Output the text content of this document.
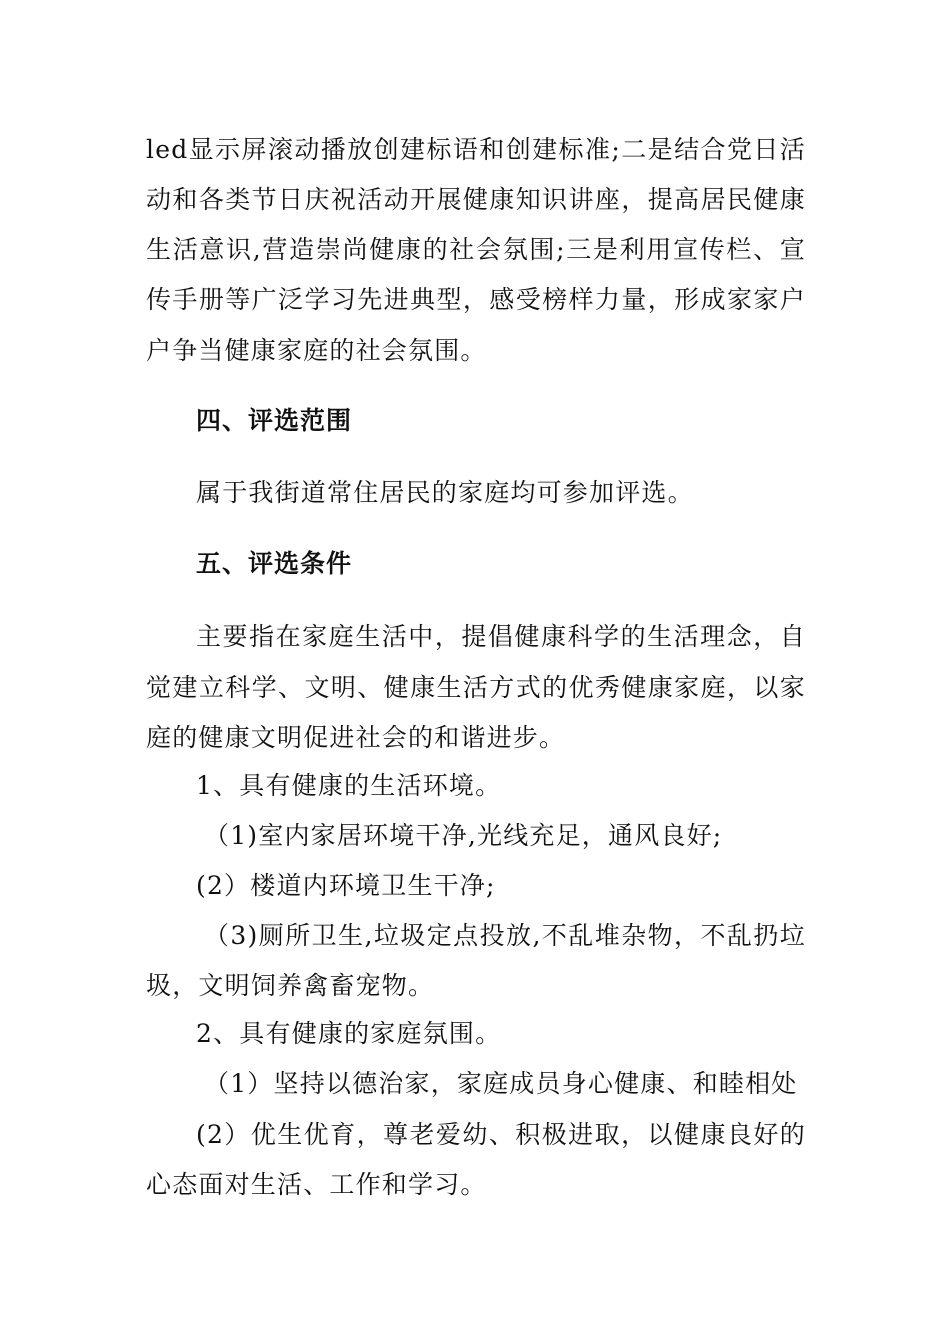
led显示屏滚动播放创建标语和创建标准;二是结合党日活
动和各类节日庆祝活动开展健康知识讲座，提高居民健康
生活意识,营造崇尚健康的社会氛围;三是利用宣传栏、宣
传手册等广泛学习先进典型，感受榜样力量，形成家家户
户争当健康家庭的社会氛围。
四、评选范围
属于我街道常住居民的家庭均可参加评选。
五、评选条件
主要指在家庭生活中，提倡健康科学的生活理念，自
觉建立科学、文明、健康生活方式的优秀健康家庭，以家
庭的健康文明促进社会的和谐进步。
1、具有健康的生活环境。
（1)室内家居环境干净,光线充足，通风良好;
(2）楼道内环境卫生干净;
（3)厕所卫生,垃圾定点投放,不乱堆杂物，不乱扔垃
圾，文明饲养禽畜宠物。
2、具有健康的家庭氛围。
（1）坚持以德治家，家庭成员身心健康、和睦相处
(2）优生优育，尊老爱幼、积极进取，以健康良好的
心态面对生活、工作和学习。
